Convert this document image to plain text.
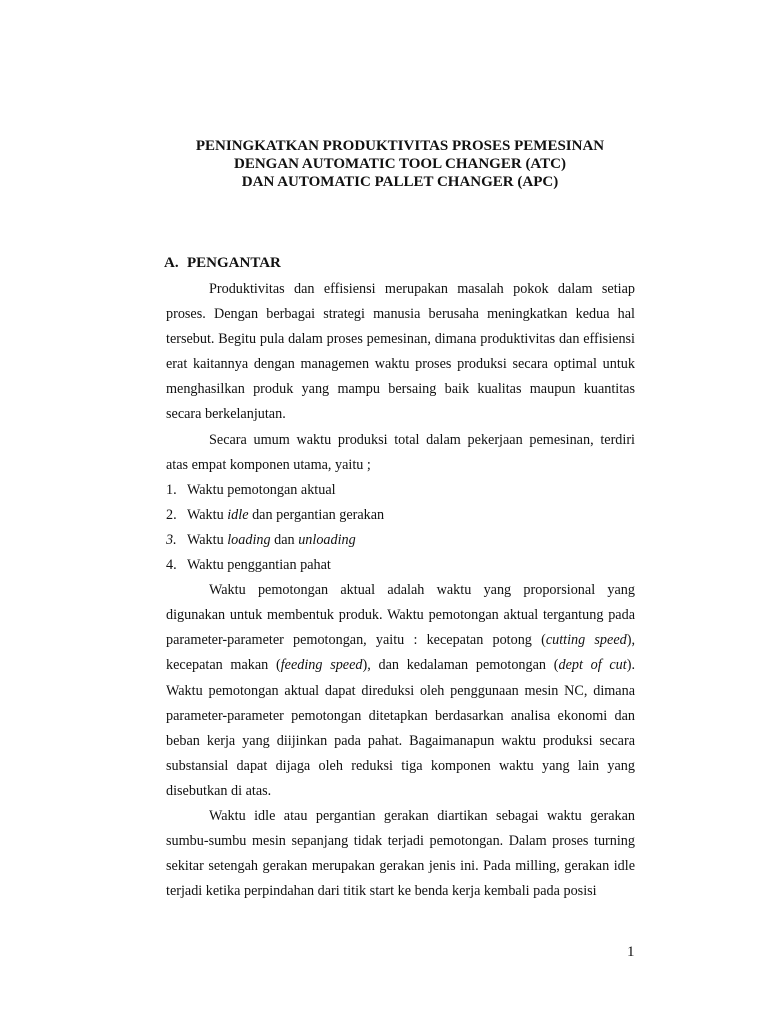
PENINGKATKAN PRODUKTIVITAS PROSES PEMESINAN
DENGAN AUTOMATIC TOOL CHANGER (ATC)
DAN AUTOMATIC PALLET CHANGER (APC)
A. PENGANTAR

Produktivitas dan effisiensi merupakan masalah pokok dalam setiap proses. Dengan berbagai strategi manusia berusaha meningkatkan kedua hal tersebut. Begitu pula dalam proses pemesinan, dimana produktivitas dan effisiensi erat kaitannya dengan managemen waktu proses produksi secara optimal untuk menghasilkan produk yang mampu bersaing baik kualitas maupun kuantitas secara berkelanjutan.

Secara umum waktu produksi total dalam pekerjaan pemesinan, terdiri atas empat komponen utama, yaitu ;

1. Waktu pemotongan aktual
2. Waktu idle dan pergantian gerakan
3. Waktu loading dan unloading
4. Waktu penggantian pahat

Waktu pemotongan aktual adalah waktu yang proporsional yang digunakan untuk membentuk produk. Waktu pemotongan aktual tergantung pada parameter-parameter pemotongan, yaitu : kecepatan potong (cutting speed), kecepatan makan (feeding speed), dan kedalaman pemotongan (dept of cut). Waktu pemotongan aktual dapat direduksi oleh penggunaan mesin NC, dimana parameter-parameter pemotongan ditetapkan berdasarkan analisa ekonomi dan beban kerja yang diijinkan pada pahat. Bagaimanapun waktu produksi secara substansial dapat dijaga oleh reduksi tiga komponen waktu yang lain yang disebutkan di atas.

Waktu idle atau pergantian gerakan diartikan sebagai waktu gerakan sumbu-sumbu mesin sepanjang tidak terjadi pemotongan. Dalam proses turning sekitar setengah gerakan merupakan gerakan jenis ini. Pada milling, gerakan idle terjadi ketika perpindahan dari titik start ke benda kerja kembali pada posisi

1
